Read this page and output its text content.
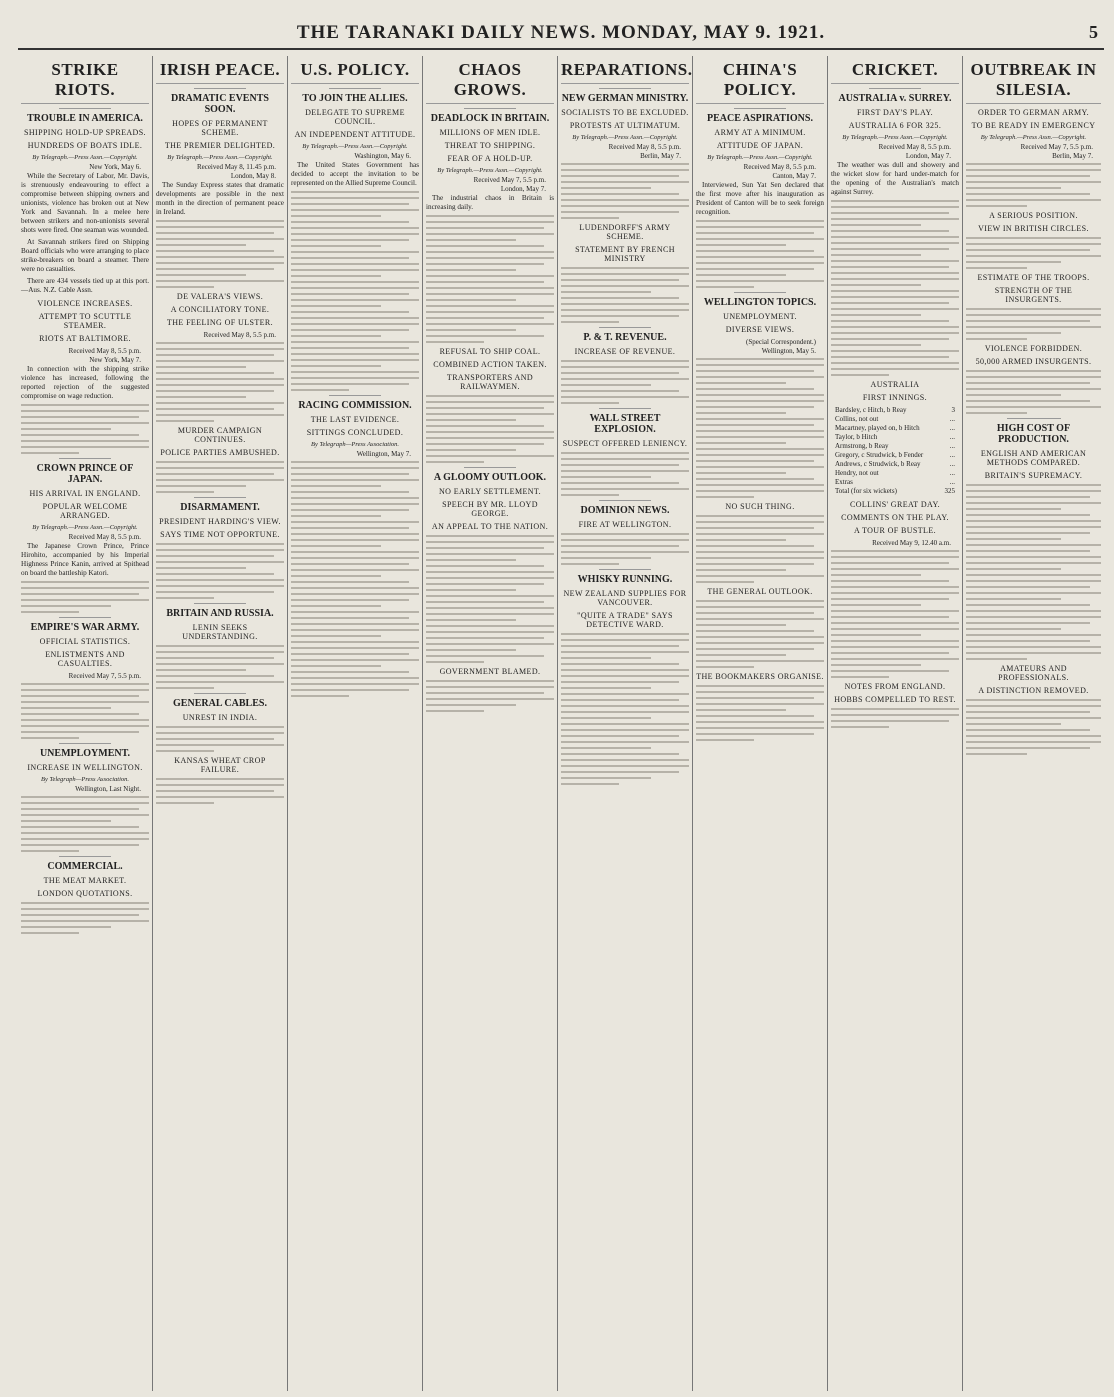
THE TARANAKI DAILY NEWS. MONDAY, MAY 9. 1921.	5
STRIKE RIOTS.
TROUBLE IN AMERICA.
SHIPPING HOLD-UP SPREADS.
HUNDREDS OF BOATS IDLE.
By Telegraph.—Press Assn.—Copyright.
New York, May 6.

While the Secretary of Labor, Mr. Davis, is strenuously endeavouring to effect a compromise between shipping owners and unionists, violence has broken out at New York and Savannah. In a melee here between strikers and non-unionists several shots were fired. One seaman was wounded.

At Savannah strikers fired on Shipping Board officials who were arranging to place strike-breakers on board a steamer. There were no casualties.

There are 434 vessels tied up at this port.—Aus. N.Z. Cable Assn.

VIOLENCE INCREASES.
ATTEMPT TO SCUTTLE STEAMER.
RIOTS AT BALTIMORE.
Received May 8, 5.5 p.m.
New York, May 7.

In connection with the shipping strike violence has increased, following the reported rejection of the suggested compromise on wage reduction.

CROWN PRINCE OF JAPAN.
HIS ARRIVAL IN ENGLAND.
POPULAR WELCOME ARRANGED.
By Telegraph.—Press Assn.—Copyright.
Received May 8, 5.5 p.m.

The Japanese Crown Prince, Prince Hirohito, accompanied by his Imperial Highness Prince Kanin, arrived at Spithead on board the battleship Katori.

EMPIRE'S WAR ARMY.
OFFICIAL STATISTICS.
ENLISTMENTS AND CASUALTIES.
Received May 7, 5.5 p.m.
UNEMPLOYMENT.
INCREASE IN WELLINGTON.
By Telegraph—Press Association.
Wellington, Last Night.
COMMERCIAL.
THE MEAT MARKET.
LONDON QUOTATIONS.
IRISH PEACE.
DRAMATIC EVENTS SOON.
HOPES OF PERMANENT SCHEME.
THE PREMIER DELIGHTED.
By Telegraph.—Press Assn.—Copyright.
Received May 8, 11.45 p.m.
London, May 8.

The Sunday Express states that dramatic developments are possible in the next month in the direction of permanent peace in Ireland.

DE VALERA'S VIEWS.
A CONCILIATORY TONE.
THE FEELING OF ULSTER.
Received May 8, 5.5 p.m.
MURDER CAMPAIGN CONTINUES.
POLICE PARTIES AMBUSHED.
DISARMAMENT.
PRESIDENT HARDING'S VIEW.
SAYS TIME NOT OPPORTUNE.
BRITAIN AND RUSSIA.
LENIN SEEKS UNDERSTANDING.
GENERAL CABLES.
UNREST IN INDIA.
KANSAS WHEAT CROP FAILURE.
U.S. POLICY.
TO JOIN THE ALLIES.
DELEGATE TO SUPREME COUNCIL.
AN INDEPENDENT ATTITUDE.
By Telegraph.—Press Assn.—Copyright.
Washington, May 6.

The United States Government has decided to accept the invitation to be represented on the Allied Supreme Council.

RACING COMMISSION.
THE LAST EVIDENCE.
SITTINGS CONCLUDED.
By Telegraph—Press Association.
Wellington, May 7.
CHAOS GROWS.
DEADLOCK IN BRITAIN.
MILLIONS OF MEN IDLE.
THREAT TO SHIPPING.
FEAR OF A HOLD-UP.
By Telegraph.—Press Assn.—Copyright.
Received May 7, 5.5 p.m.
London, May 7.

The industrial chaos in Britain is increasing daily.

REFUSAL TO SHIP COAL.
COMBINED ACTION TAKEN.
TRANSPORTERS AND RAILWAYMEN.
A GLOOMY OUTLOOK.
NO EARLY SETTLEMENT.
SPEECH BY MR. LLOYD GEORGE.
AN APPEAL TO THE NATION.
GOVERNMENT BLAMED.
REPARATIONS.
NEW GERMAN MINISTRY.
SOCIALISTS TO BE EXCLUDED.
PROTESTS AT ULTIMATUM.
By Telegraph.—Press Assn.—Copyright.
Received May 8, 5.5 p.m.
Berlin, May 7.
LUDENDORFF'S ARMY SCHEME.
STATEMENT BY FRENCH MINISTRY
P. & T. REVENUE.
INCREASE OF REVENUE.
WALL STREET EXPLOSION.
SUSPECT OFFERED LENIENCY.
DOMINION NEWS.
FIRE AT WELLINGTON.
WHISKY RUNNING.
NEW ZEALAND SUPPLIES FOR VANCOUVER.
"QUITE A TRADE" SAYS DETECTIVE WARD.
CHINA'S POLICY.
PEACE ASPIRATIONS.
ARMY AT A MINIMUM.
ATTITUDE OF JAPAN.
By Telegraph.—Press Assn.—Copyright.
Received May 8, 5.5 p.m.
Canton, May 7.

Interviewed, Sun Yat Sen declared that the first move after his inauguration as President of Canton will be to seek foreign recognition.

WELLINGTON TOPICS.
UNEMPLOYMENT.
DIVERSE VIEWS.
(Special Correspondent.)
Wellington, May 5.
NO SUCH THING.
THE GENERAL OUTLOOK.
THE BOOKMAKERS ORGANISE.
CRICKET.
AUSTRALIA v. SURREY.
FIRST DAY'S PLAY.
AUSTRALIA 6 FOR 325.
By Telegraph.—Press Assn.—Copyright.
Received May 8, 5.5 p.m.
London, May 7.

The weather was dull and showery and the wicket slow for hard under-match for the opening of the Australian's match against Surrey.

AUSTRALIA
FIRST INNINGS.
Bardsley, c Hitch, b Reay	3
Collins, not out	...
Macartney, played on, b Hitch	...
Taylor, b Hitch	...
Armstrong, b Reay	...
Gregory, c Strudwick, b Fender	...
Andrews, c Strudwick, b Reay	...
Hendry, not out	...
Extras	...
Total (for six wickets)	325
COLLINS' GREAT DAY.
COMMENTS ON THE PLAY.
A TOUR OF BUSTLE.
Received May 9, 12.40 a.m.
NOTES FROM ENGLAND.
HOBBS COMPELLED TO REST.
OUTBREAK IN SILESIA.
ORDER TO GERMAN ARMY.
TO BE READY IN EMERGENCY
By Telegraph.—Press Assn.—Copyright.
Received May 7, 5.5 p.m.
Berlin, May 7.
A SERIOUS POSITION.
VIEW IN BRITISH CIRCLES.
ESTIMATE OF THE TROOPS.
STRENGTH OF THE INSURGENTS.
VIOLENCE FORBIDDEN.
50,000 ARMED INSURGENTS.
HIGH COST OF PRODUCTION.
ENGLISH AND AMERICAN METHODS COMPARED.
BRITAIN'S SUPREMACY.
AMATEURS AND PROFESSIONALS.
A DISTINCTION REMOVED.
